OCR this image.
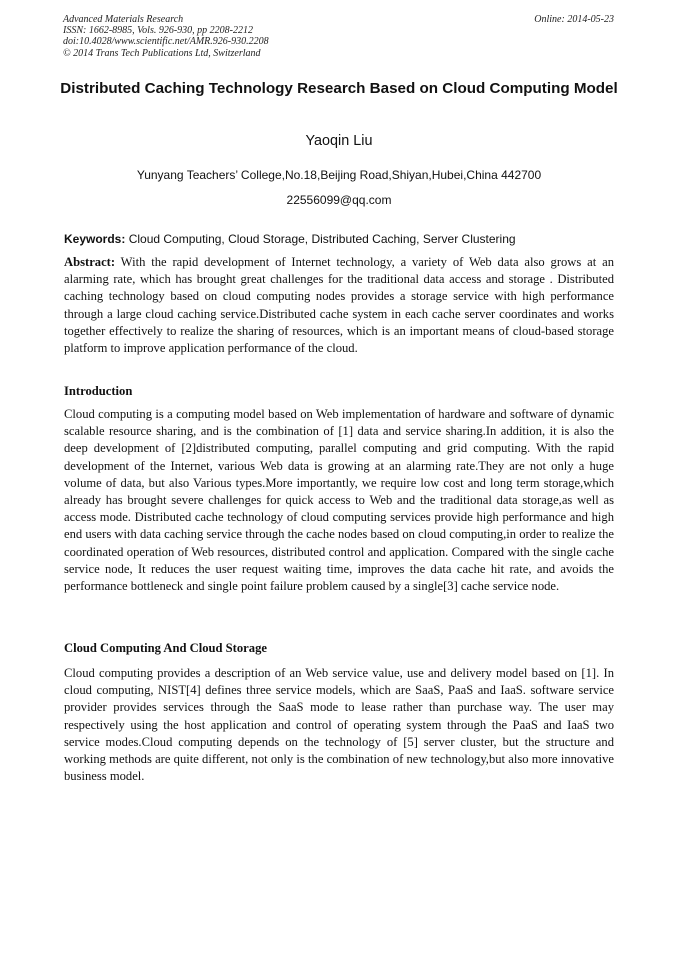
Advanced Materials Research
ISSN: 1662-8985, Vols. 926-930, pp 2208-2212
doi:10.4028/www.scientific.net/AMR.926-930.2208
© 2014 Trans Tech Publications Ltd, Switzerland
Online: 2014-05-23
Distributed Caching Technology Research Based on Cloud Computing Model
Yaoqin Liu
Yunyang Teachers’ College,No.18,Beijing Road,Shiyan,Hubei,China 442700
22556099@qq.com
Keywords: Cloud Computing, Cloud Storage, Distributed Caching, Server Clustering
Abstract: With the rapid development of Internet technology, a variety of Web data also grows at an alarming rate, which has brought great challenges for the traditional data access and storage . Distributed caching technology based on cloud computing nodes provides a storage service with high performance through a large cloud caching service.Distributed cache system in each cache server coordinates and works together effectively to realize the sharing of resources, which is an important means of cloud-based storage platform to improve application performance of the cloud.
Introduction
Cloud computing is a computing model based on Web implementation of hardware and software of dynamic scalable resource sharing, and is the combination of [1] data and service sharing.In addition, it is also the deep development of [2]distributed computing, parallel computing and grid computing. With the rapid development of the Internet, various Web data is growing at an alarming rate.They are not only a huge volume of data, but also Various types.More importantly, we require low cost and long term storage,which already has brought severe challenges for quick access to Web and the traditional data storage,as well as access mode. Distributed cache technology of cloud computing services provide high performance and high end users with data caching service through the cache nodes based on cloud computing,in order to realize the coordinated operation of Web resources, distributed control and application. Compared with the single cache service node, It reduces the user request waiting time, improves the data cache hit rate, and avoids the performance bottleneck and single point failure problem caused by a single[3] cache service node.
Cloud Computing And Cloud Storage
Cloud computing provides a description of an Web service value, use and delivery model based on [1]. In cloud computing, NIST[4] defines three service models, which are SaaS, PaaS and IaaS. software service provider provides services through the SaaS mode to lease rather than purchase way. The user may respectively using the host application and control of operating system through the PaaS and IaaS two service modes.Cloud computing depends on the technology of [5] server cluster, but the structure and working methods are quite different, not only is the combination of new technology,but also more innovative business model.
